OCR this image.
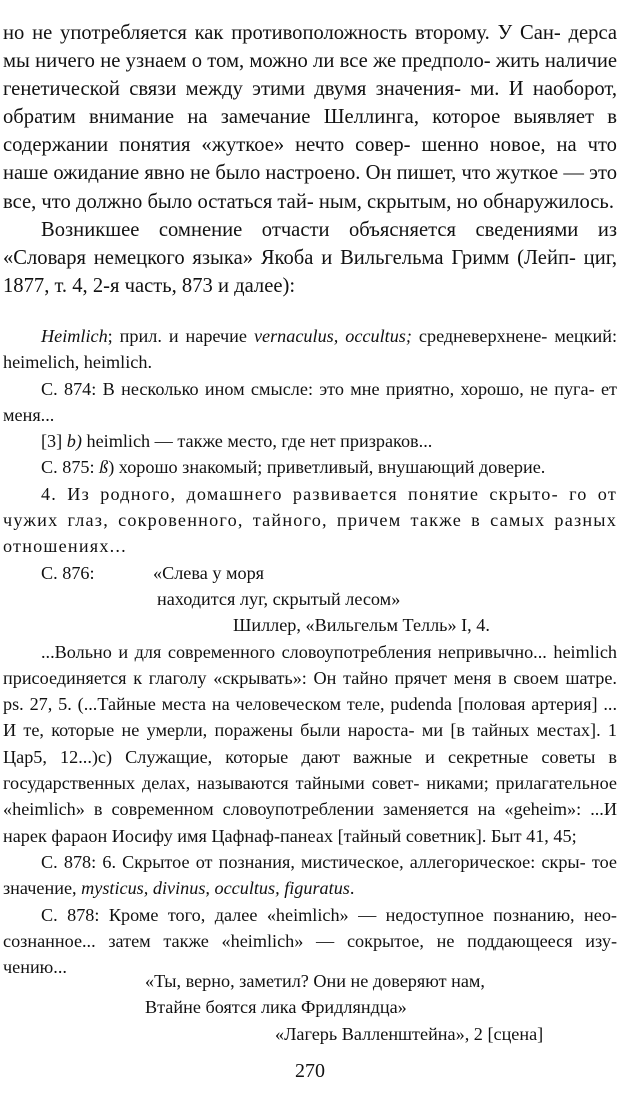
но не употребляется как противоположность второму. У Сан- дерса мы ничего не узнаем о том, можно ли все же предполо- жить наличие генетической связи между этими двумя значения- ми. И наоборот, обратим внимание на замечание Шеллинга, которое выявляет в содержании понятия «жуткое» нечто совер- шенно новое, на что наше ожидание явно не было настроено. Он пишет, что жуткое — это все, что должно было остаться тай- ным, скрытым, но обнаружилось.

Возникшее сомнение отчасти объясняется сведениями из «Словаря немецкого языка» Якоба и Вильгельма Гримм (Лейп- циг, 1877, т. 4, 2-я часть, 873 и далее):

Heimlich; прил. и наречие vernaculus, occultus; средневерхнене- мецкий: heimelich, heimlich.

С. 874: В несколько ином смысле: это мне приятно, хорошо, не пуга- ет меня...

[3] b) heimlich — также место, где нет призраков...

С. 875: ß) хорошо знакомый; приветливый, внушающий доверие.

4. Из родного, домашнего развивается понятие скрыто- го от чужих глаз, сокровенного, тайного, причем также в самых разных отношениях...

С. 876:	«Слева у моря

находится луг, скрытый лесом»

Шиллер, «Вильгельм Телль» I, 4.

...Вольно и для современного словоупотребления непривычно... heimlich присоединяется к глаголу «скрывать»: Он тайно прячет меня в своем шатре. ps. 27, 5. (...Тайные места на человеческом теле, pudenda [половая артерия] ... И те, которые не умерли, поражены были нароста- ми [в тайных местах]. 1 Цар5, 12...)с) Служащие, которые дают важные и секретные советы в государственных делах, называются тайными совет- никами; прилагательное «heimlich» в современном словоупотреблении заменяется на «geheim»: ...И нарек фараон Иосифу имя Цафнаф-панеах [тайный советник]. Быт 41, 45;

С. 878: 6. Скрытое от познания, мистическое, аллегорическое: скры- тое значение, mysticus, divinus, occultus, figuratus.

С. 878: Кроме того, далее «heimlich» — недоступное познанию, нео- сознанное... затем также «heimlich» — сокрытое, не поддающееся изу- чению...

«Ты, верно, заметил? Они не доверяют нам,

Втайне боятся лика Фридляндца»

«Лагерь Валленштейна», 2 [сцена]

270
